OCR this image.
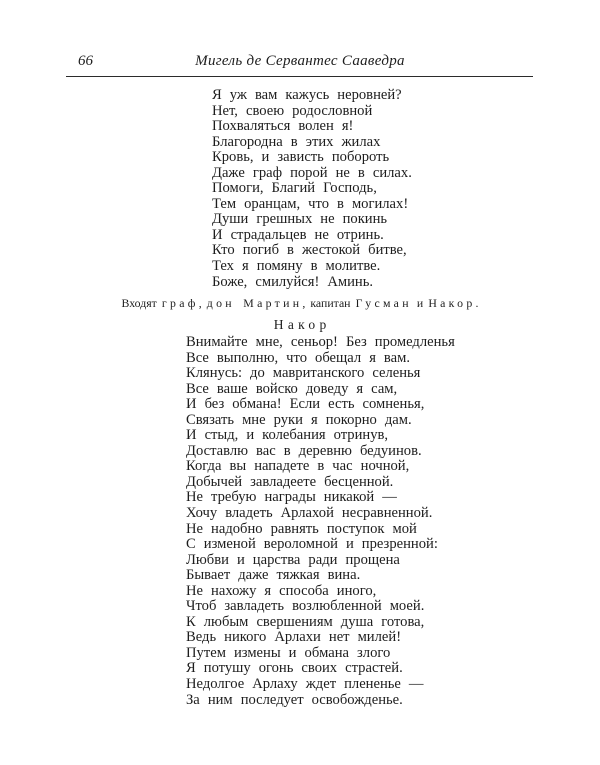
66	Мигель де Сервантес Сааведра
Я уж вам кажусь неровней?
Нет, своею родословной
Похваляться волен я!
Благородна в этих жилах
Кровь, и зависть побороть
Даже граф порой не в силах.
Помоги, Благий Господь,
Тем оранцам, что в могилах!
Души грешных не покинь
И страдальцев не отринь.
Кто погиб в жестокой битве,
Тех я помяну в молитве.
Боже, смилуйся! Аминь.
Входят граф, дон Мартин, капитан Гусман и Накор.
Накор
Внимайте мне, сеньор! Без промедленья
Все выполню, что обещал я вам.
Клянусь: до мавританского селенья
Все ваше войско доведу я сам,
И без обмана! Если есть сомненья,
Связать мне руки я покорно дам.
И стыд, и колебания отринув,
Доставлю вас в деревню бедуинов.
Когда вы нападете в час ночной,
Добычей завладеете бесценной.
Не требую награды никакой —
Хочу владеть Арлахой несравненной.
Не надобно равнять поступок мой
С изменой вероломной и презренной:
Любви и царства ради прощена
Бывает даже тяжкая вина.
Не нахожу я способа иного,
Чтоб завладеть возлюбленной моей.
К любым свершениям душа готова,
Ведь никого Арлахи нет милей!
Путем измены и обмана злого
Я потушу огонь своих страстей.
Недолгое Арлаху ждет плененье —
За ним последует освобожденье.
